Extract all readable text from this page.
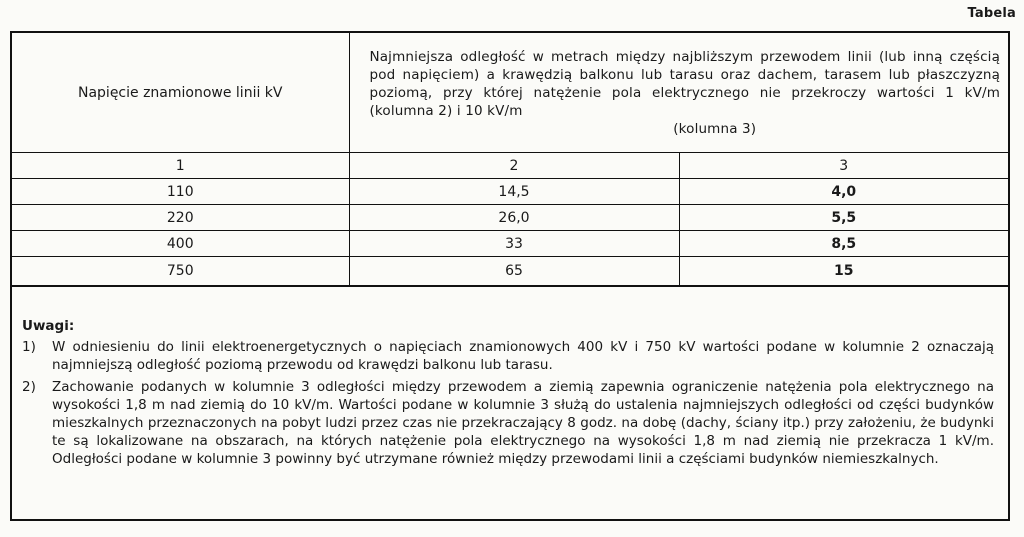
Tabela
Napięcie znamionowe linii kV	Najmniejsza odległość w metrach między najbliższym przewodem linii (lub inną częścią pod napięciem) a krawędzią balkonu lub tarasu oraz dachem, tarasem lub płaszczyzną poziomą, przy której natężenie pola elektrycznego nie przekroczy wartości 1 kV/m (kolumna 2) i 10 kV/m
(kolumna 3)	

1	2	3
110	14,5	4,0
220	26,0	5,5
400	33	8,5
750	65	15
Uwagi:
1)	W odniesieniu do linii elektroenergetycznych o napięciach znamionowych 400 kV i 750 kV wartości podane w kolumnie 2 oznaczają najmniejszą odległość poziomą przewodu od krawędzi balkonu lub tarasu.
2)	Zachowanie podanych w kolumnie 3 odległości między przewodem a ziemią zapewnia ograniczenie natężenia pola elektrycznego na wysokości 1,8 m nad ziemią do 10 kV/m. Wartości podane w kolumnie 3 służą do ustalenia najmniejszych odległości od części budynków mieszkalnych przeznaczonych na pobyt ludzi przez czas nie przekraczający 8 godz. na dobę (dachy, ściany itp.) przy założeniu, że budynki te są lokalizowane na obszarach, na których natężenie pola elektrycznego na wysokości 1,8 m nad ziemią nie przekracza 1 kV/m. Odległości podane w kolumnie 3 powinny być utrzymane również między przewodami linii a częściami budynków niemieszkalnych.
